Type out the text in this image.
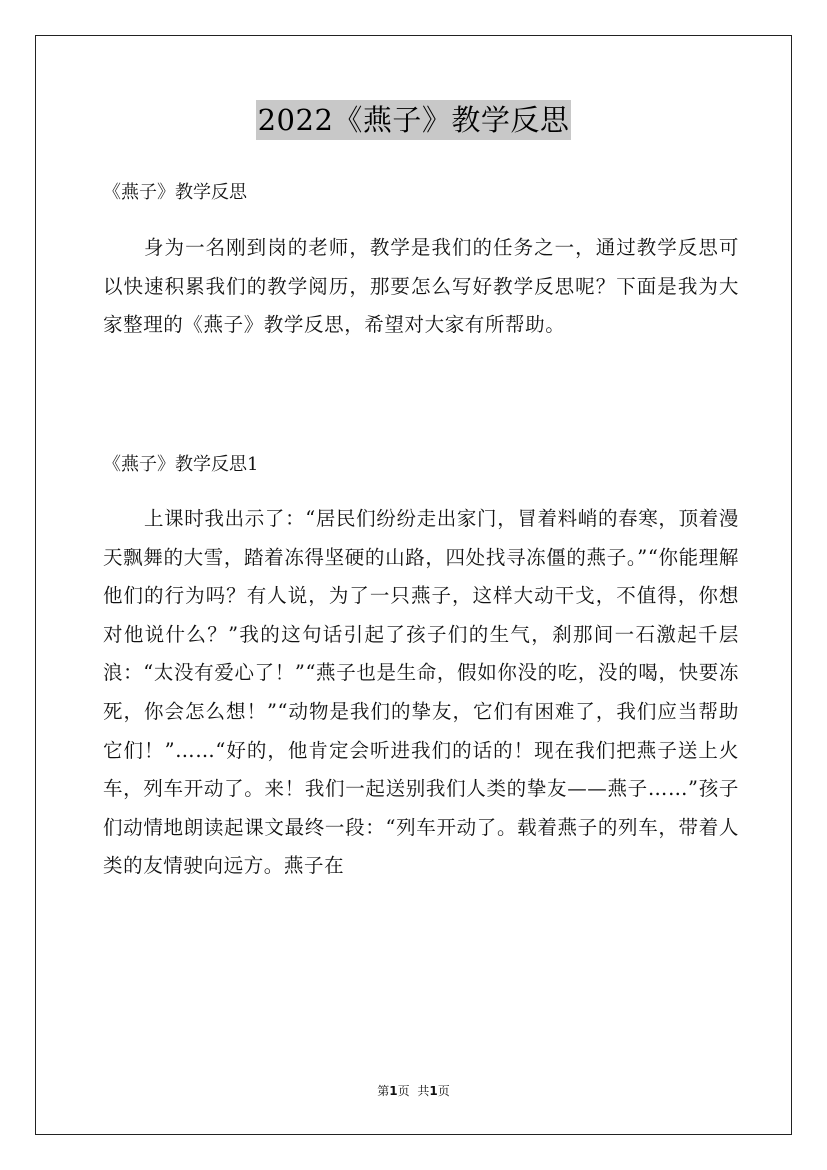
2022《燕子》教学反思
《燕子》教学反思

身为一名刚到岗的老师，教学是我们的任务之一，通过教学反思可以快速积累我们的教学阅历，那要怎么写好教学反思呢？下面是我为大家整理的《燕子》教学反思，希望对大家有所帮助。

《燕子》教学反思1

上课时我出示了：“居民们纷纷走出家门，冒着料峭的春寒，顶着漫天飘舞的大雪，踏着冻得坚硬的山路，四处找寻冻僵的燕子。”“你能理解他们的行为吗？有人说，为了一只燕子，这样大动干戈，不值得，你想对他说什么？”我的这句话引起了孩子们的生气，刹那间一石激起千层浪：“太没有爱心了！”“燕子也是生命，假如你没的吃，没的喝，快要冻死，你会怎么想！”“动物是我们的挚友，它们有困难了，我们应当帮助它们！”……“好的，他肯定会听进我们的话的！现在我们把燕子送上火车，列车开动了。来！我们一起送别我们人类的挚友——燕子……”孩子们动情地朗读起课文最终一段：“列车开动了。载着燕子的列车，带着人类的友情驶向远方。燕子在

第1页 共1页
